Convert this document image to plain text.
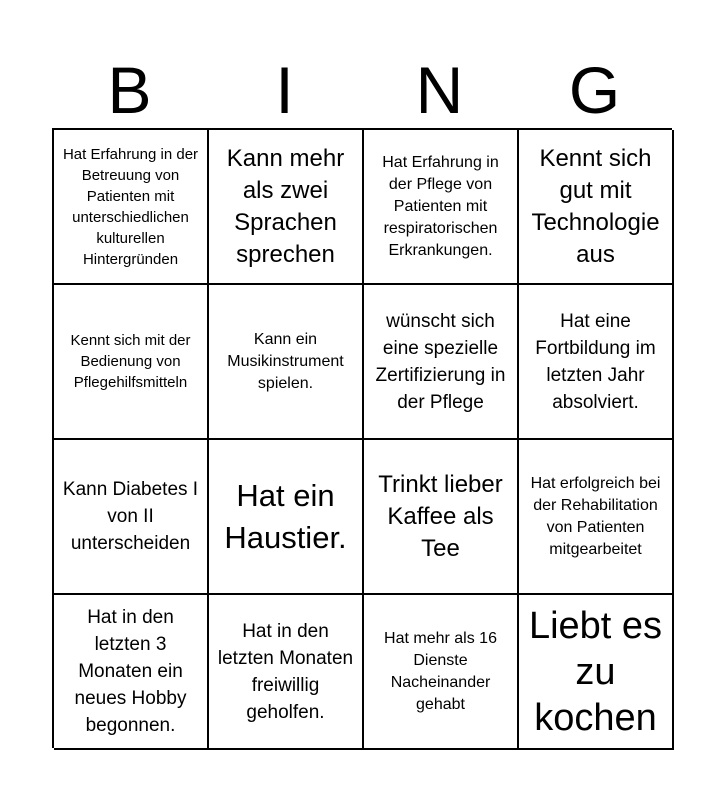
B	I	N	G
Hat Erfahrung in der Betreuung von Patienten mit unterschiedlichen kulturellen Hintergründen
Kann mehr als zwei Sprachen sprechen
Hat Erfahrung in der Pflege von Patienten mit respiratorischen Erkrankungen.
Kennt sich gut mit Technologie aus
Kennt sich mit der Bedienung von Pflegehilfsmitteln
Kann ein Musikinstrument spielen.
wünscht sich eine spezielle Zertifizierung in der Pflege
Hat eine Fortbildung im letzten Jahr absolviert.
Kann Diabetes I von II unterscheiden
Hat ein Haustier.
Trinkt lieber Kaffee als Tee
Hat erfolgreich bei der Rehabilitation von Patienten mitgearbeitet
Hat in den letzten 3 Monaten ein neues Hobby begonnen.
Hat in den letzten Monaten freiwillig geholfen.
Hat mehr als 16 Dienste Nacheinander gehabt
Liebt es zu kochen
